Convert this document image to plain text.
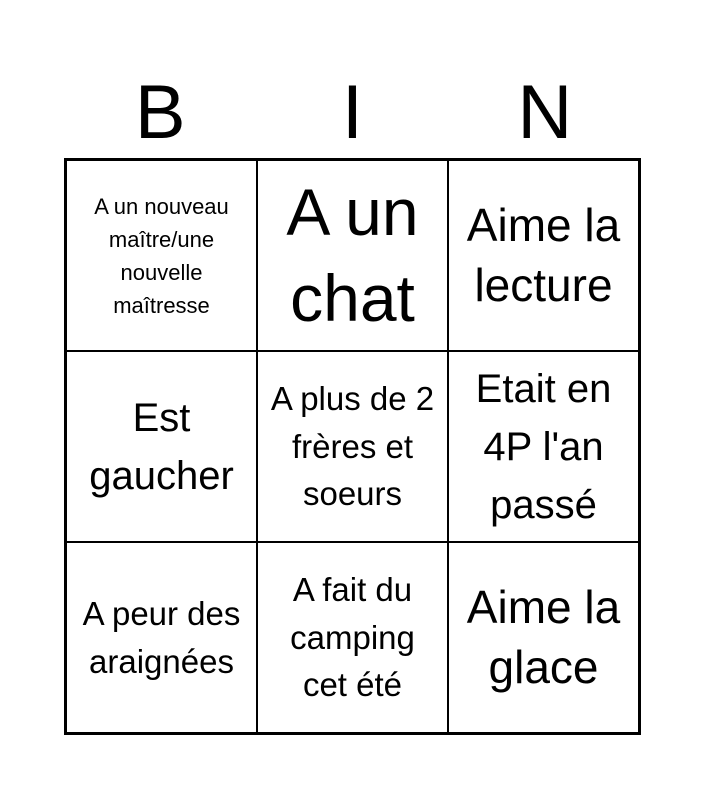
B	I	N
A un nouveau maître/une nouvelle maîtresse
A un chat
Aime la lecture
Est gaucher
A plus de 2 frères et soeurs
Etait en 4P l'an passé
A peur des araignées
A fait du camping cet été
Aime la glace
